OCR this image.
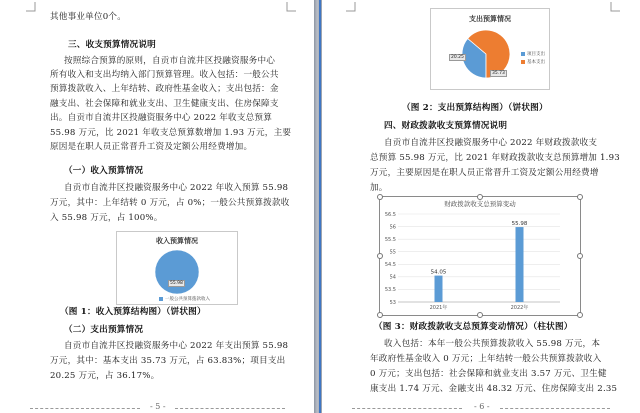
其他事业单位0个。
三、收支预算情况说明
按照综合预算的原则，自贡市自流井区投融资服务中心
所有收入和支出均纳入部门预算管理。收入包括：一般公共
预算拨款收入、上年结转、政府性基金收入；支出包括：金
融支出、社会保障和就业支出、卫生健康支出、住房保障支
出。自贡市自流井区投融资服务中心 2022 年收支总预算
55.98 万元，比 2021 年收支总预算数增加 1.93 万元，主要
原因是在职人员正常晋升工资及定额公用经费增加。
（一）收入预算情况
自贡市自流井区投融资服务中心 2022 年收入预算 55.98
万元，其中：上年结转 0 万元，占 0%；一般公共预算拨款收
入 55.98 万元，占 100%。
收入预算情况
55.98
一般公共预算拨款收入
（图 1：收入预算结构图）（饼状图）
（二）支出预算情况
自贡市自流井区投融资服务中心 2022 年支出预算 55.98
万元，其中：基本支出 35.73 万元，占 63.83%；项目支出
20.25 万元，占 36.17%。
- 5 -
支出预算情况
20.25
35.73
项目支出
基本支出
（图 2：支出预算结构图）（饼状图）
四、财政拨款收支预算情况说明
自贡市自流井区投融资服务中心 2022 年财政拨款收支
总预算 55.98 万元，比 2021 年财政拨款收支总预算增加 1.93
万元，主要原因是在职人员正常晋升工资及定额公用经费增
加。
财政拨款收支总预算变动
53
53.5
54
54.5
55
55.5
56
56.5
54.05
2021年
55.98
2022年
（图 3：财政拨款收支总预算变动情况）（柱状图）
收入包括：本年一般公共预算拨款收入 55.98 万元，本
年政府性基金收入 0 万元；上年结转一般公共预算拨款收入
0 万元；支出包括：社会保障和就业支出 3.57 万元、卫生健
康支出 1.74 万元、金融支出 48.32 万元、住房保障支出 2.35
- 6 -
